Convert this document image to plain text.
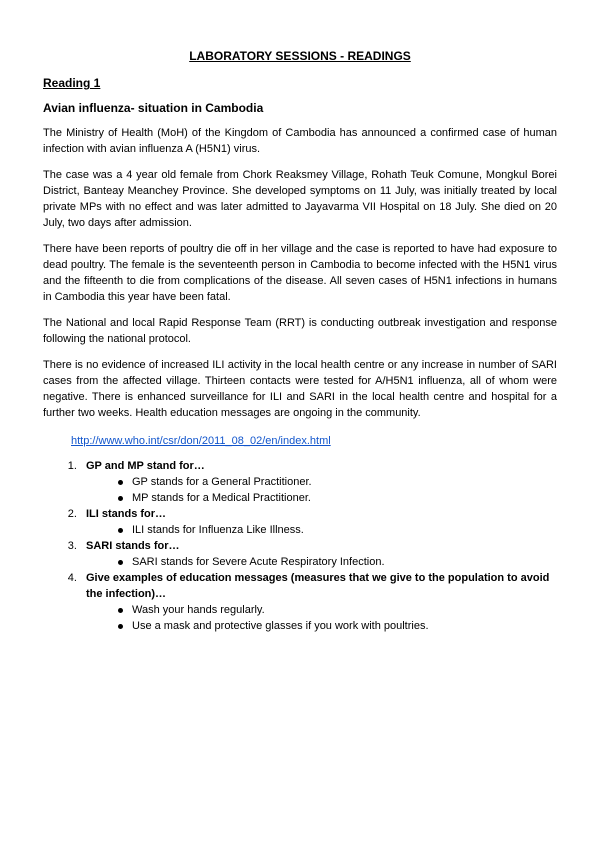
LABORATORY SESSIONS - READINGS
Reading 1
Avian influenza- situation in Cambodia

The Ministry of Health (MoH) of the Kingdom of Cambodia has announced a confirmed case of human infection with avian influenza A (H5N1) virus.

The case was a 4 year old female from Chork Reaksmey Village, Rohath Teuk Comune, Mongkul Borei District, Banteay Meanchey Province. She developed symptoms on 11 July, was initially treated by local private MPs with no effect and was later admitted to Jayavarma VII Hospital on 18 July. She died on 20 July, two days after admission.

There have been reports of poultry die off in her village and the case is reported to have had exposure to dead poultry. The female is the seventeenth person in Cambodia to become infected with the H5N1 virus and the fifteenth to die from complications of the disease. All seven cases of H5N1 infections in humans in Cambodia this year have been fatal.

The National and local Rapid Response Team (RRT) is conducting outbreak investigation and response following the national protocol.

There is no evidence of increased ILI activity in the local health centre or any increase in number of SARI cases from the affected village. Thirteen contacts were tested for A/H5N1 influenza, all of whom were negative. There is enhanced surveillance for ILI and SARI in the local health centre and hospital for a further two weeks. Health education messages are ongoing in the community.

http://www.who.int/csr/don/2011_08_02/en/index.html
1. GP and MP stand for…
GP stands for a General Practitioner.
MP stands for a Medical Practitioner.
2. ILI stands for…
ILI stands for Influenza Like Illness.
3. SARI stands for…
SARI stands for Severe Acute Respiratory Infection.
4. Give examples of education messages (measures that we give to the population to avoid the infection)…
Wash your hands regularly.
Use a mask and protective glasses if you work with poultries.
